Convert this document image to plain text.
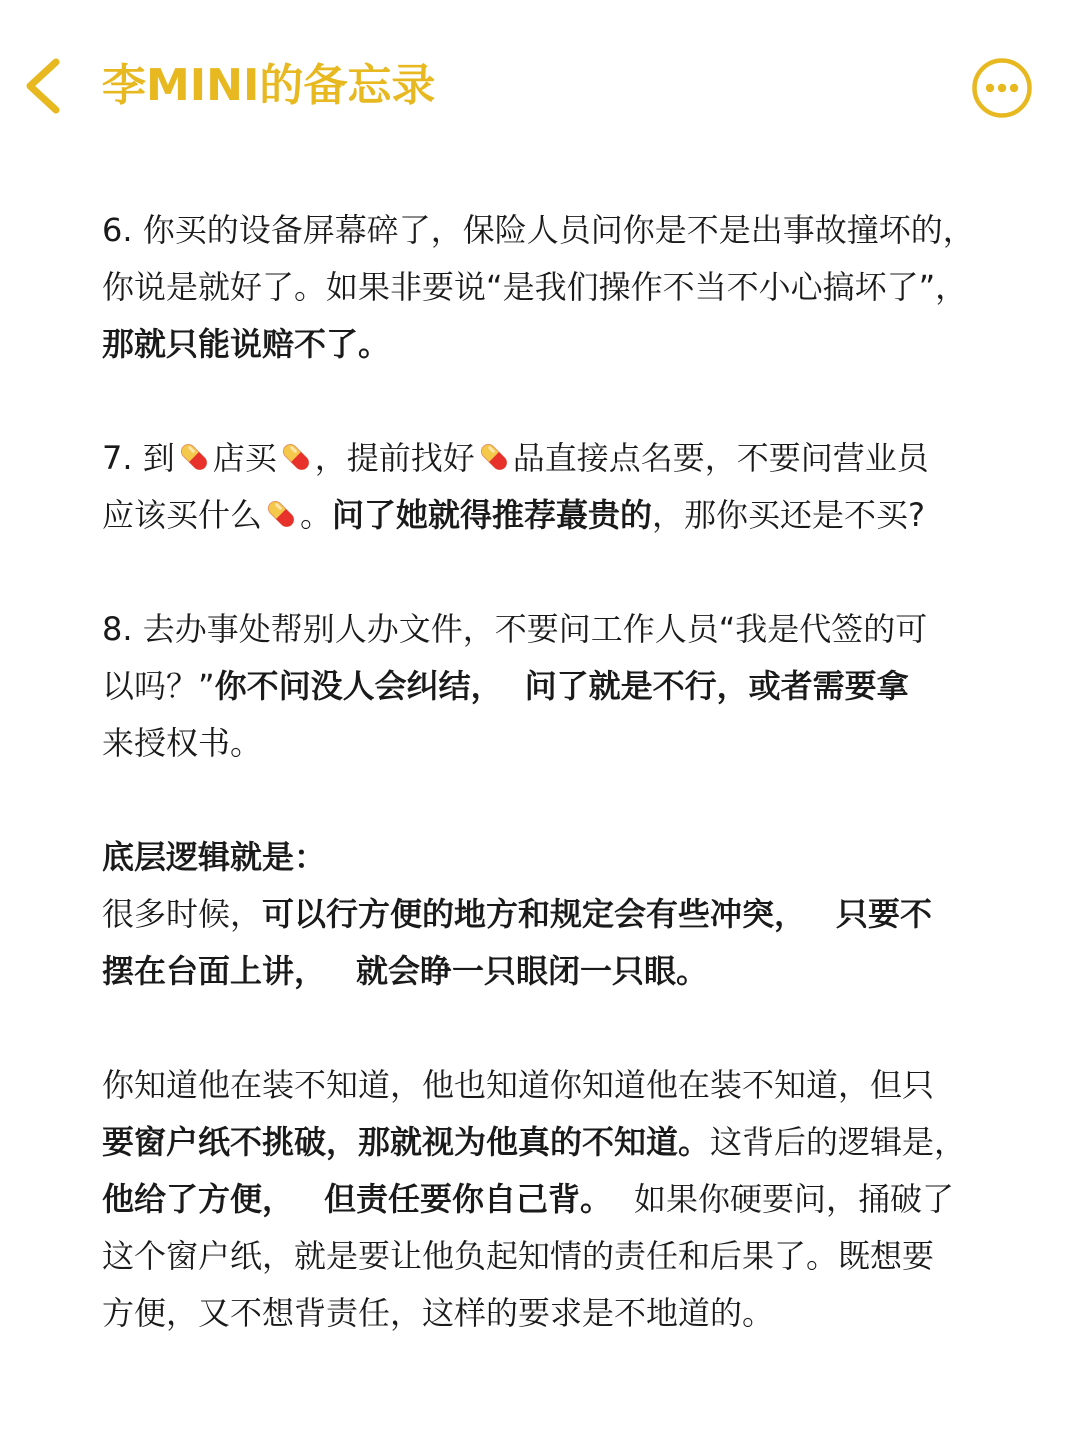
李MINI的备忘录
6. 你买的设备屏幕碎了，保险人员问你是不是出事故撞坏的，
你说是就好了。如果非要说“是我们操作不当不小心搞坏了”，
那就只能说赔不了。
7. 到 店买 ，提前找好 品直接点名要，不要问营业员
应该买什么 。问了她就得推荐蕞贵的，那你买还是不买?
8. 去办事处帮别人办文件，不要问工作人员“我是代签的可
以吗？”你不问没人会纠结， 问了就是不行，或者需要拿
来授权书。
底层逻辑就是：
很多时候，可以行方便的地方和规定会有些冲突， 只要不
摆在台面上讲， 就会睁一只眼闭一只眼。
你知道他在装不知道，他也知道你知道他在装不知道，但只
要窗户纸不挑破，那就视为他真的不知道。这背后的逻辑是，
他给了方便， 但责任要你自己背。 如果你硬要问，捅破了
这个窗户纸，就是要让他负起知情的责任和后果了。既想要
方便，又不想背责任，这样的要求是不地道的。
